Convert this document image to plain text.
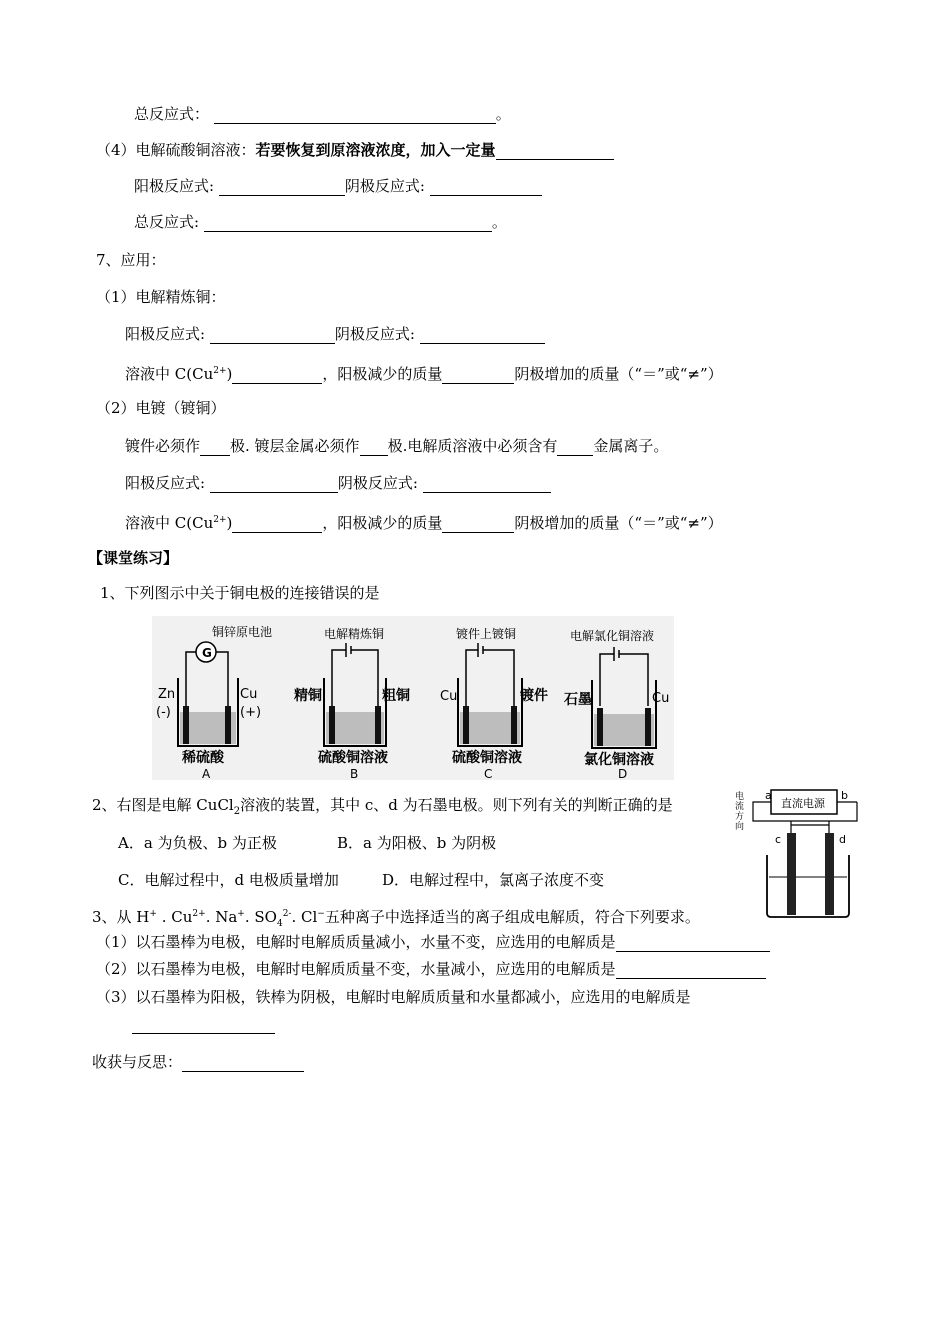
总反应式：	。
（4）电解硫酸铜溶液：若要恢复到原溶液浓度，加入一定量
阳极反应式:	阴极反应式:
总反应式:	。
7、应用：
（1）电解精炼铜：
阳极反应式:	阴极反应式:
溶液中 $C(Cu^{2+})$	，阳极减少的质量	阴极增加的质量（“＝”或“≠”）
（2）电镀（镀铜）
镀件必须作 极. 镀层金属必须作 极.电解质溶液中必须含有 金属离子。
阳极反应式:	阴极反应式:
溶液中 $C(Cu^{2+})$	，阳极减少的质量	阴极增加的质量（“＝”或“≠”）
【课堂练习】
1、下列图示中关于铜电极的连接错误的是
铜锌原电池
G
Zn
(-)
Cu
(+)
稀硫酸
A
电解精炼铜
精铜	粗铜
硫酸铜溶液
B
镀件上镀铜
Cu	镀件
硫酸铜溶液
C
电解氯化铜溶液
石墨	Cu
氯化铜溶液
D
2、右图是电解 CuCl$_2$溶液的装置，其中 c、d 为石墨电极。则下列有关的判断正确的是
A．a 为负极、b 为正极	B．a 为阳极、b 为阴极
C．电解过程中，d 电极质量增加	D．电解过程中，氯离子浓度不变
直流电源
a	b
电
流
方
向
c	d
3、从 H+ . $Cu^{2+}$. Na+. $SO_4^{2-}$. Cl−五种离子中选择适当的离子组成电解质，符合下列要求。
（1）以石墨棒为电极，电解时电解质质量减小，水量不变，应选用的电解质是
（2）以石墨棒为电极，电解时电解质质量不变，水量减小，应选用的电解质是
（3）以石墨棒为阳极，铁棒为阴极，电解时电解质质量和水量都减小，应选用的电解质是
收获与反思：
